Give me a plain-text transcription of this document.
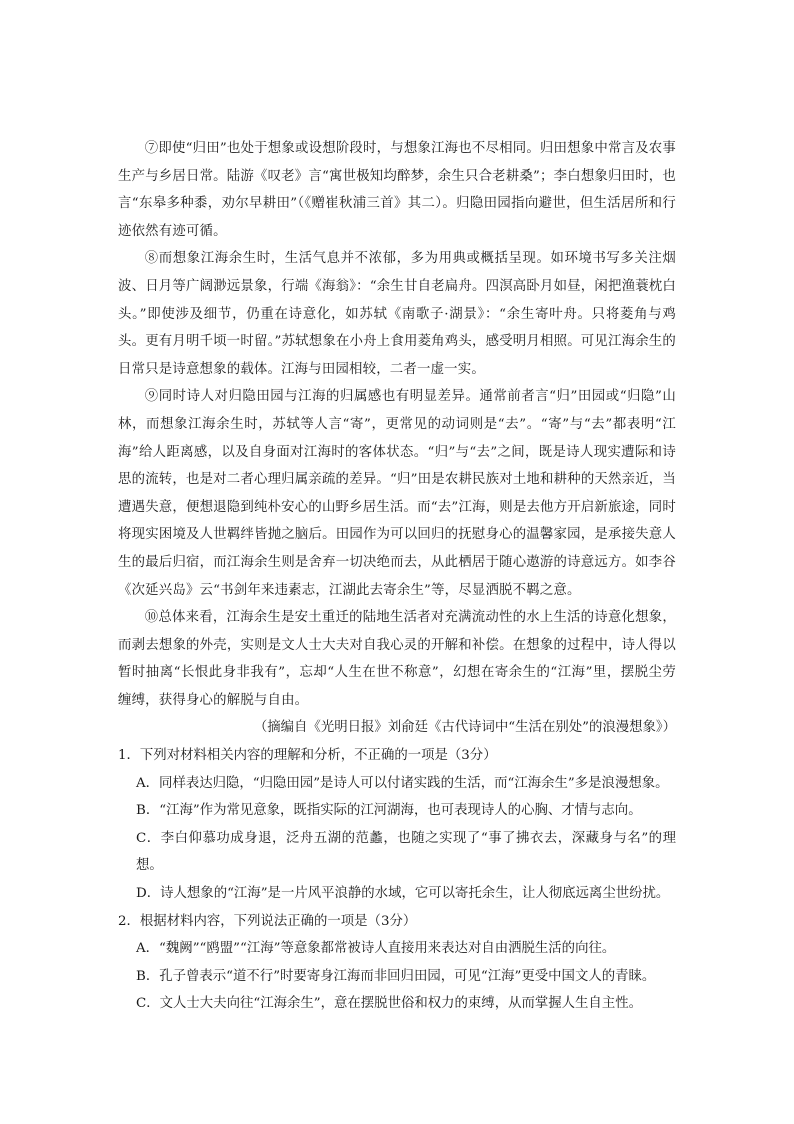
⑦即使“归田”也处于想象或设想阶段时，与想象江海也不尽相同。归田想象中常言及农事生产与乡居日常。陆游《叹老》言“寓世极知均醉梦，余生只合老耕桑”；李白想象归田时，也言“东皋多种黍，劝尔早耕田”（《赠崔秋浦三首》其二）。归隐田园指向避世，但生活居所和行迹依然有迹可循。

⑧而想象江海余生时，生活气息并不浓郁，多为用典或概括呈现。如环境书写多关注烟波、日月等广阔渺远景象，行端《海翁》：“余生甘自老扁舟。四溟高卧月如昼，闲把渔蓑枕白头。”即使涉及细节，仍重在诗意化，如苏轼《南歌子·湖景》：“余生寄叶舟。只将菱角与鸡头。更有月明千顷一时留。”苏轼想象在小舟上食用菱角鸡头，感受明月相照。可见江海余生的日常只是诗意想象的载体。江海与田园相较，二者一虚一实。

⑨同时诗人对归隐田园与江海的归属感也有明显差异。通常前者言“归”田园或“归隐”山林，而想象江海余生时，苏轼等人言“寄”，更常见的动词则是“去”。“寄”与“去”都表明“江海”给人距离感，以及自身面对江海时的客体状态。“归”与“去”之间，既是诗人现实遭际和诗思的流转，也是对二者心理归属亲疏的差异。“归”田是农耕民族对土地和耕种的天然亲近，当遭遇失意，便想退隐到纯朴安心的山野乡居生活。而“去”江海，则是去他方开启新旅途，同时将现实困境及人世羁绊皆抛之脑后。田园作为可以回归的抚慰身心的温馨家园，是承接失意人生的最后归宿，而江海余生则是舍弃一切决绝而去，从此栖居于随心遨游的诗意远方。如李谷《次延兴岛》云“书剑年来违素志，江湖此去寄余生”等，尽显洒脱不羁之意。

⑩总体来看，江海余生是安土重迁的陆地生活者对充满流动性的水上生活的诗意化想象，而剥去想象的外壳，实则是文人士大夫对自我心灵的开解和补偿。在想象的过程中，诗人得以暂时抽离“长恨此身非我有”，忘却“人生在世不称意”，幻想在寄余生的“江海”里，摆脱尘劳缠缚，获得身心的解脱与自由。

（摘编自《光明日报》刘俞廷《古代诗词中“生活在别处”的浪漫想象》）

1．下列对材料相关内容的理解和分析，不正确的一项是（3分）

A．同样表达归隐，“归隐田园”是诗人可以付诸实践的生活，而“江海余生”多是浪漫想象。

B．“江海”作为常见意象，既指实际的江河湖海，也可表现诗人的心胸、才情与志向。

C．李白仰慕功成身退，泛舟五湖的范蠡，也随之实现了“事了拂衣去，深藏身与名”的理想。

D．诗人想象的“江海”是一片风平浪静的水域，它可以寄托余生，让人彻底远离尘世纷扰。

2．根据材料内容，下列说法正确的一项是（3分）

A．“魏阙”“鸥盟”“江海”等意象都常被诗人直接用来表达对自由洒脱生活的向往。

B．孔子曾表示“道不行”时要寄身江海而非回归田园，可见“江海”更受中国文人的青睐。

C．文人士大夫向往“江海余生”，意在摆脱世俗和权力的束缚，从而掌握人生自主性。
